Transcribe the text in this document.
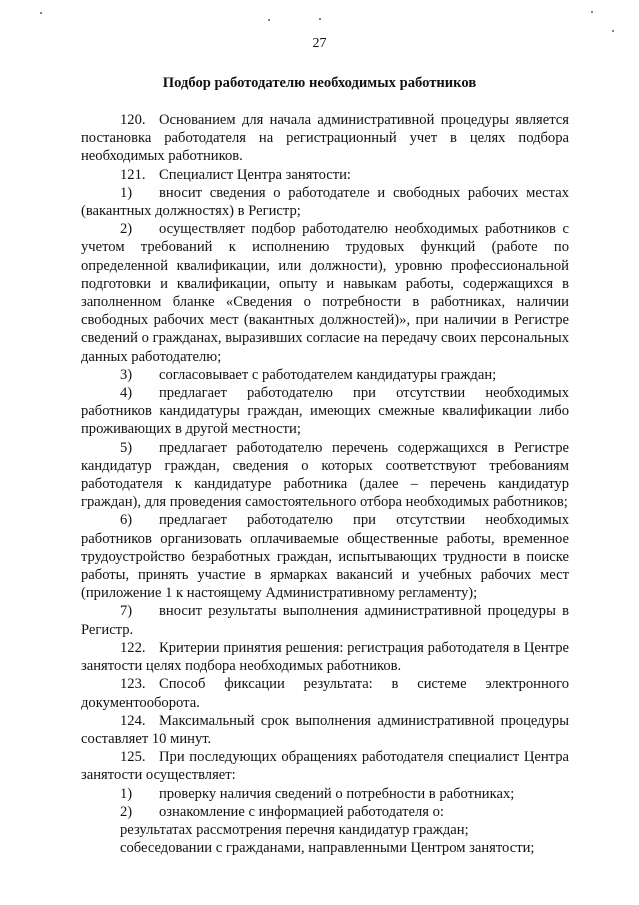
27
Подбор работодателю необходимых работников

120. Основанием для начала административной процедуры является постановка работодателя на регистрационный учет в целях подбора необходимых работников.

121. Специалист Центра занятости:

1) вносит сведения о работодателе и свободных рабочих местах (вакантных должностях) в Регистр;

2) осуществляет подбор работодателю необходимых работников с учетом требований к исполнению трудовых функций (работе по определенной квалификации, или должности), уровню профессиональной подготовки и квалификации, опыту и навыкам работы, содержащихся в заполненном бланке «Сведения о потребности в работниках, наличии свободных рабочих мест (вакантных должностей)», при наличии в Регистре сведений о гражданах, выразивших согласие на передачу своих персональных данных работодателю;

3) согласовывает с работодателем кандидатуры граждан;

4) предлагает работодателю при отсутствии необходимых работников кандидатуры граждан, имеющих смежные квалификации либо проживающих в другой местности;

5) предлагает работодателю перечень содержащихся в Регистре кандидатур граждан, сведения о которых соответствуют требованиям работодателя к кандидатуре работника (далее – перечень кандидатур граждан), для проведения самостоятельного отбора необходимых работников;

6) предлагает работодателю при отсутствии необходимых работников организовать оплачиваемые общественные работы, временное трудоустройство безработных граждан, испытывающих трудности в поиске работы, принять участие в ярмарках вакансий и учебных рабочих мест (приложение 1 к настоящему Административному регламенту);

7) вносит результаты выполнения административной процедуры в Регистр.

122. Критерии принятия решения: регистрация работодателя в Центре занятости целях подбора необходимых работников.

123. Способ фиксации результата: в системе электронного документооборота.

124. Максимальный срок выполнения административной процедуры составляет 10 минут.

125. При последующих обращениях работодателя специалист Центра занятости осуществляет:

1) проверку наличия сведений о потребности в работниках;

2) ознакомление с информацией работодателя о:

результатах рассмотрения перечня кандидатур граждан;

собеседовании с гражданами, направленными Центром занятости;
